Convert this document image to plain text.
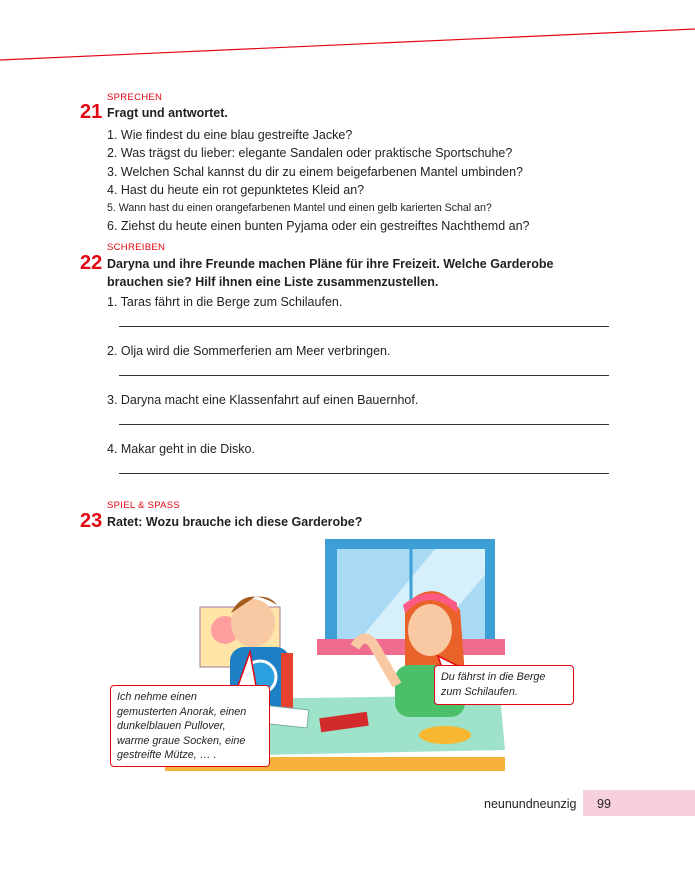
SPRECHEN
21 Fragt und antwortet.
1. Wie findest du eine blau gestreifte Jacke?
2. Was trägst du lieber: elegante Sandalen oder praktische Sportschuhe?
3. Welchen Schal kannst du dir zu einem beigefarbenen Mantel umbinden?
4. Hast du heute ein rot gepunktetes Kleid an?
5. Wann hast du einen orangefarbenen Mantel und einen gelb karierten Schal an?
6. Ziehst du heute einen bunten Pyjama oder ein gestreiftes Nachthemd an?
SCHREIBEN
22 Daryna und ihre Freunde machen Pläne für ihre Freizeit. Welche Garderobe
brauchen sie? Hilf ihnen eine Liste zusammenzustellen.
1. Taras fährt in die Berge zum Schilaufen.
2. Olja wird die Sommerferien am Meer verbringen.
3. Daryna macht eine Klassenfahrt auf einen Bauernhof.
4. Makar geht in die Disko.
SPIEL & SPASS
23 Ratet: Wozu brauche ich diese Garderobe?
Ich nehme einen
gemusterten Anorak, einen
dunkelblauen Pullover,
warme graue Socken, eine
gestreifte Mütze, … .
Du fährst in die Berge
zum Schilaufen.
neunundneunzig 99
